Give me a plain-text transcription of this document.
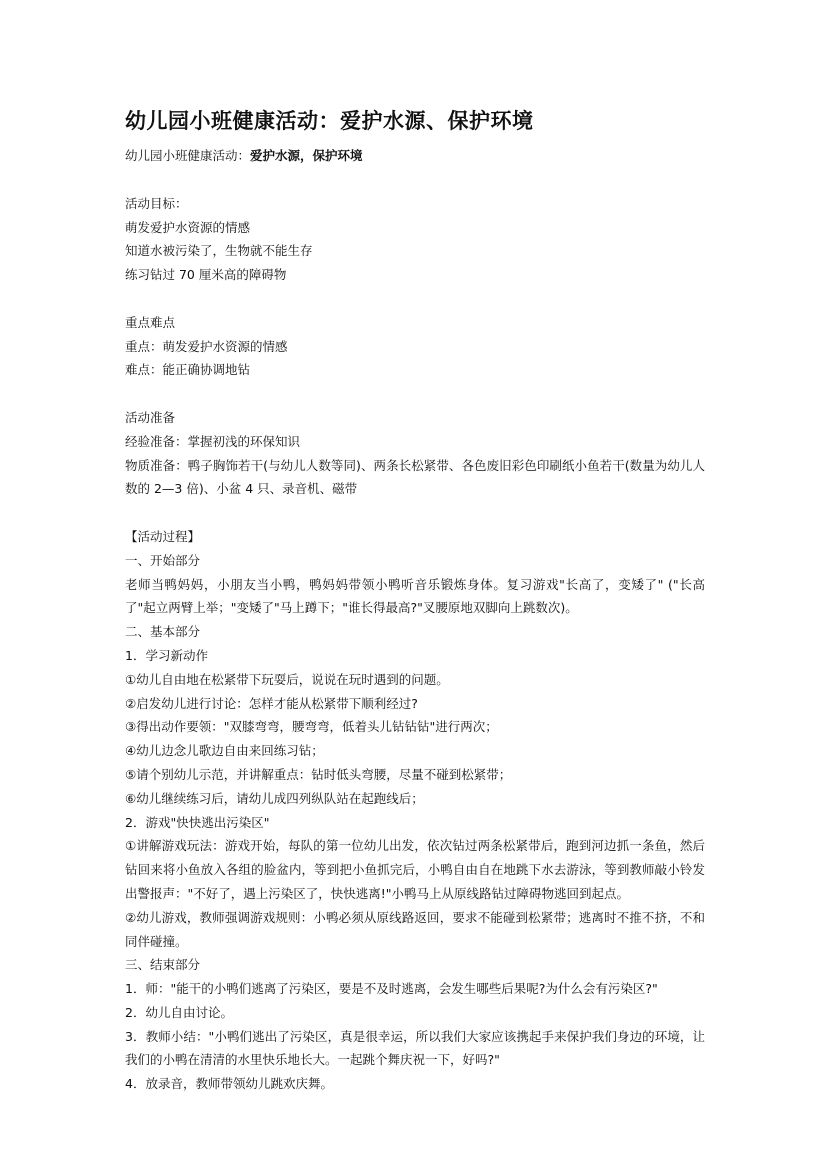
幼儿园小班健康活动：爱护水源、保护环境

幼儿园小班健康活动：爱护水源，保护环境

活动目标：

萌发爱护水资源的情感

知道水被污染了，生物就不能生存

练习钻过 70 厘米高的障碍物

重点难点

重点：萌发爱护水资源的情感

难点：能正确协调地钻

活动准备

经验准备：掌握初浅的环保知识

物质准备：鸭子胸饰若干(与幼儿人数等同)、两条长松紧带、各色废旧彩色印刷纸小鱼若干(数量为幼儿人数的 2—3 倍)、小盆 4 只、录音机、磁带

【活动过程】

一、开始部分

老师当鸭妈妈，小朋友当小鸭，鸭妈妈带领小鸭听音乐锻炼身体。复习游戏"长高了，变矮了" ("长高了"起立两臂上举；"变矮了"马上蹲下；"谁长得最高?"叉腰原地双脚向上跳数次)。

二、基本部分

1．学习新动作

①幼儿自由地在松紧带下玩耍后，说说在玩时遇到的问题。

②启发幼儿进行讨论：怎样才能从松紧带下顺利经过?

③得出动作要领："双膝弯弯，腰弯弯，低着头儿钻钻钻"进行两次；

④幼儿边念儿歌边自由来回练习钻；

⑤请个别幼儿示范，并讲解重点：钻时低头弯腰，尽量不碰到松紧带；

⑥幼儿继续练习后，请幼儿成四列纵队站在起跑线后；

2．游戏"快快逃出污染区"

①讲解游戏玩法：游戏开始，每队的第一位幼儿出发，依次钻过两条松紧带后，跑到河边抓一条鱼，然后钻回来将小鱼放入各组的脸盆内，等到把小鱼抓完后，小鸭自由自在地跳下水去游泳，等到教师敲小铃发出警报声："不好了，遇上污染区了，快快逃离!"小鸭马上从原线路钻过障碍物逃回到起点。

②幼儿游戏，教师强调游戏规则：小鸭必须从原线路返回，要求不能碰到松紧带；逃离时不推不挤，不和同伴碰撞。

三、结束部分

1．师："能干的小鸭们逃离了污染区，要是不及时逃离，会发生哪些后果呢?为什么会有污染区?"

2．幼儿自由讨论。

3．教师小结："小鸭们逃出了污染区，真是很幸运，所以我们大家应该携起手来保护我们身边的环境，让我们的小鸭在清清的水里快乐地长大。一起跳个舞庆祝一下，好吗?"

4．放录音，教师带领幼儿跳欢庆舞。
